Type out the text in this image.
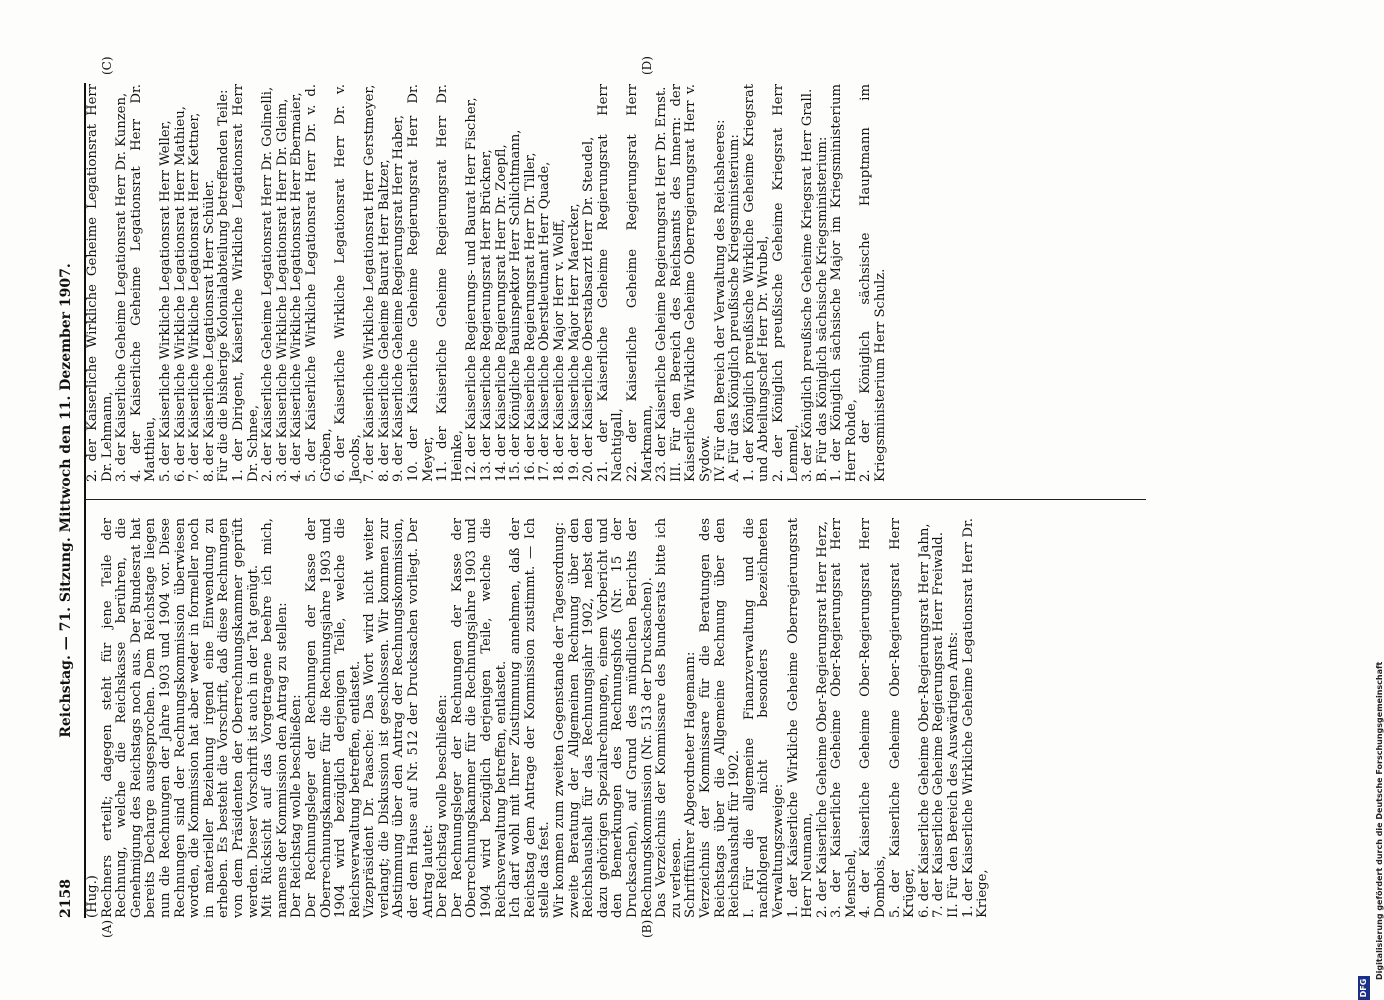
2158
Reichstag. — 71. Sitzung. Mittwoch den 11. Dezember 1907.
(A)	(B)
(C)	(D)

(Hug.) Rechners erteilt; dagegen steht für jene Teile der Rechnung, welche die Reichskasse berühren, die Genehmigung des Reichstags noch aus. Der Bundesrat hat bereits Decharge ausgesprochen. Dem Reichstage liegen nun die Rechnungen der Jahre 1903 und 1904 vor. Diese Rechnungen sind der Rechnungskommission überwiesen worden, die Kommission hat aber weder in formeller noch in materieller Beziehung irgend eine Einwendung zu erheben. Es besteht die Vorschrift, daß diese Rechnungen von dem Präsidenten der Oberrechnungskammer geprüft werden. Dieser Vorschrift ist auch in der Tat genügt. Mit Rücksicht auf das Vorgetragene beehre ich mich, namens der Kommission den Antrag zu stellen: Der Reichstag wolle beschließen: Der Rechnungsleger der Rechnungen der Kasse der Oberrechnungskammer für die Rechnungsjahre 1903 und 1904 wird bezüglich derjenigen Teile, welche die Reichsverwaltung betreffen, entlastet. Vizepräsident Dr. Paasche: Das Wort wird nicht weiter verlangt; die Diskussion ist geschlossen. Wir kommen zur Abstimmung über den Antrag der Rechnungskommission, der dem Hause auf Nr. 512 der Drucksachen vorliegt. Der Antrag lautet: Der Reichstag wolle beschließen: Der Rechnungsleger der Rechnungen der Kasse der Oberrechnungskammer für die Rechnungsjahre 1903 und 1904 wird bezüglich derjenigen Teile, welche die Reichsverwaltung betreffen, entlastet. Ich darf wohl mit Ihrer Zustimmung annehmen, daß der Reichstag dem Antrage der Kommission zustimmt. — Ich stelle das fest. Wir kommen zum zweiten Gegenstande der Tagesordnung: zweite Beratung der Allgemeinen Rechnung über den Reichshaushalt für das Rechnungsjahr 1902, nebst den dazu gehörigen Spezialrechnungen, einem Vorbericht und den Bemerkungen des Rechnungshofs (Nr. 15 der Drucksachen), auf Grund des mündlichen Berichts der Rechnungskommission (Nr. 513 der Drucksachen). Das Verzeichnis der Kommissare des Bundesrats bitte ich zu verlesen. Schriftführer Abgeordneter Hagemann: Verzeichnis der Kommissare für die Beratungen des Reichstags über die Allgemeine Rechnung über den Reichshaushalt für 1902. I. Für die allgemeine Finanzverwaltung und die nachfolgend nicht besonders bezeichneten Verwaltungszweige: 1. der Kaiserliche Wirkliche Geheime Oberregierungsrat Herr Neumann, 2. der Kaiserliche Geheime Ober-Regierungsrat Herr Herz, 3. der Kaiserliche Geheime Ober-Regierungsrat Herr Menschel, 4. der Kaiserliche Geheime Ober-Regierungsrat Herr Dombois, 5. der Kaiserliche Geheime Ober-Regierungsrat Herr Krüger, 6. der Kaiserliche Geheime Ober-Regierungsrat Herr Jahn, 7. der Kaiserliche Geheime Regierungsrat Herr Freiwald. II. Für den Bereich des Auswärtigen Amts: 1. der Kaiserliche Wirkliche Geheime Legationsrat Herr Dr. Kriege,

2. der Kaiserliche Wirkliche Geheime Legationsrat Herr Dr. Lehmann, 3. der Kaiserliche Geheime Legationsrat Herr Dr. Kunzen, 4. der Kaiserliche Geheime Legationsrat Herr Dr. Matthieu, 5. der Kaiserliche Wirkliche Legationsrat Herr Weller, 6. der Kaiserliche Wirkliche Legationsrat Herr Mathieu, 7. der Kaiserliche Wirkliche Legationsrat Herr Kettner, 8. der Kaiserliche Legationsrat Herr Schüler. Für die die bisherige Kolonialabteilung betreffenden Teile: 1. der Dirigent, Kaiserliche Wirkliche Legationsrat Herr Dr. Schnee, 2. der Kaiserliche Geheime Legationsrat Herr Dr. Golinelli, 3. der Kaiserliche Wirkliche Legationsrat Herr Dr. Gleim, 4. der Kaiserliche Wirkliche Legationsrat Herr Ebermaier, 5. der Kaiserliche Wirkliche Legationsrat Herr Dr. v. d. Gröben, 6. der Kaiserliche Wirkliche Legationsrat Herr Dr. v. Jacobs, 7. der Kaiserliche Wirkliche Legationsrat Herr Gerstmeyer, 8. der Kaiserliche Geheime Baurat Herr Baltzer, 9. der Kaiserliche Geheime Regierungsrat Herr Haber, 10. der Kaiserliche Geheime Regierungsrat Herr Dr. Meyer, 11. der Kaiserliche Geheime Regierungsrat Herr Dr. Heinke, 12. der Kaiserliche Regierungs- und Baurat Herr Fischer, 13. der Kaiserliche Regierungsrat Herr Brückner, 14. der Kaiserliche Regierungsrat Herr Dr. Zoepfl, 15. der Königliche Bauinspektor Herr Schlichtmann, 16. der Kaiserliche Regierungsrat Herr Dr. Tiller, 17. der Kaiserliche Oberstleutnant Herr Quade, 18. der Kaiserliche Major Herr v. Wolff, 19. der Kaiserliche Major Herr Maercker, 20. der Kaiserliche Oberstabsarzt Herr Dr. Steudel, 21. der Kaiserliche Geheime Regierungsrat Herr Nachtigall, 22. der Kaiserliche Geheime Regierungsrat Herr Markmann, 23. der Kaiserliche Geheime Regierungsrat Herr Dr. Ernst. III. Für den Bereich des Reichsamts des Innern: der Kaiserliche Wirkliche Geheime Oberregierungsrat Herr v. Sydow. IV. Für den Bereich der Verwaltung des Reichsheeres: A. Für das Königlich preußische Kriegsministerium: 1. der Königlich preußische Wirkliche Geheime Kriegsrat und Abteilungschef Herr Dr. Wrubel, 2. der Königlich preußische Geheime Kriegsrat Herr Lemmel, 3. der Königlich preußische Geheime Kriegsrat Herr Grall. B. Für das Königlich sächsische Kriegsministerium: 1. der Königlich sächsische Major im Kriegsministerium Herr Rohde, 2. der Königlich sächsische Hauptmann im Kriegsministerium Herr Schulz.

DFG
Digitalisierung gefördert durch die Deutsche Forschungsgemeinschaft
